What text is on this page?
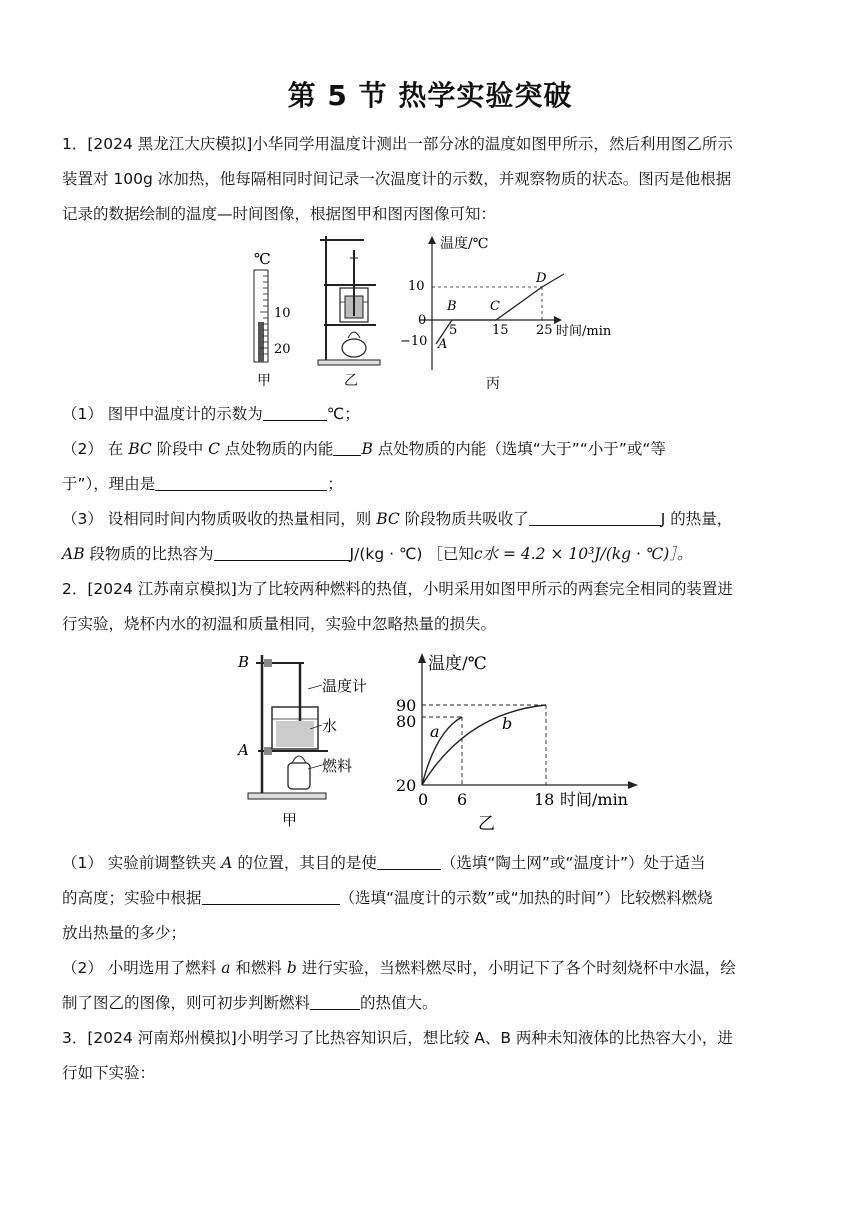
第 5 节 热学实验突破
1．[2024 黑龙江大庆模拟]小华同学用温度计测出一部分冰的温度如图甲所示，然后利用图乙所示
装置对 100g 冰加热，他每隔相同时间记录一次温度计的示数，并观察物质的状态。图丙是他根据
记录的数据绘制的温度—时间图像，根据图甲和图丙图像可知：
℃
10
20
甲	乙
温度/℃
时间/min
10
0
−10
5	15 25
A
B	C
D
丙
（1） 图甲中温度计的示数为	℃；
（2） 在 BC 阶段中 C 点处物质的内能 B 点处物质的内能（选填“大于”“小于”或“等
于”），理由是	；
（3） 设相同时间内物质吸收的热量相同，则 BC 阶段物质共吸收了	J 的热量，
AB 段物质的比热容为	J/(kg · ℃) ［已知c水 = 4.2 × 10³J/(kg · ℃)］。
2．[2024 江苏南京模拟]为了比较两种燃料的热值，小明采用如图甲所示的两套完全相同的装置进
行实验，烧杯内水的初温和质量相同，实验中忽略热量的损失。
B
A
温度计
水
燃料
甲
温度/℃
时间/min
90
80
20
0 6	18
a	b
乙
（1） 实验前调整铁夹 A 的位置，其目的是使	（选填“陶土网”或“温度计”）处于适当
的高度；实验中根据	（选填“温度计的示数”或“加热的时间”）比较燃料燃烧
放出热量的多少；
（2） 小明选用了燃料 a 和燃料 b 进行实验，当燃料燃尽时，小明记下了各个时刻烧杯中水温，绘
制了图乙的图像，则可初步判断燃料	的热值大。
3．[2024 河南郑州模拟]小明学习了比热容知识后，想比较 A、B 两种未知液体的比热容大小，进
行如下实验：
